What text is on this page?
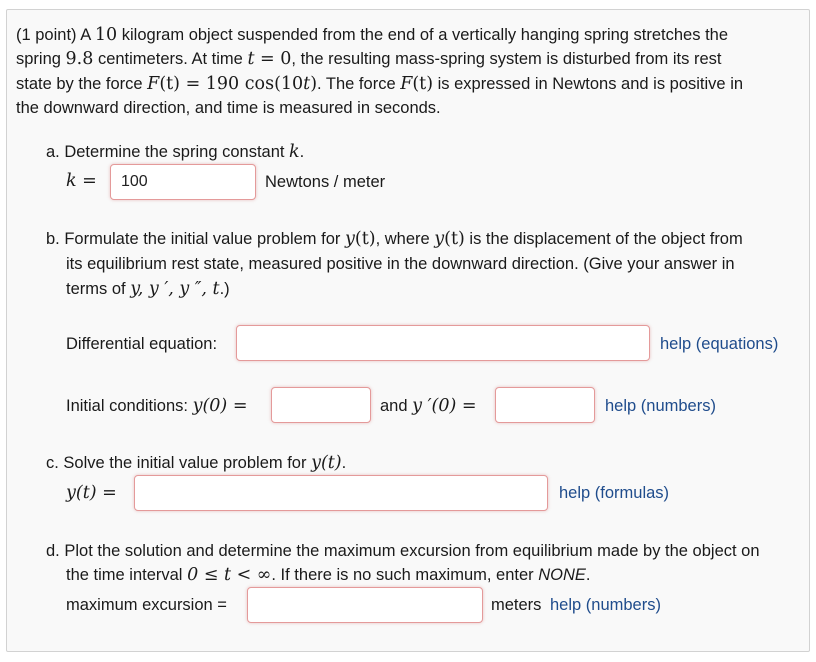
(1 point) A 10 kilogram object suspended from the end of a vertically hanging spring stretches the
spring 9.8 centimeters. At time t = 0, the resulting mass-spring system is disturbed from its rest
state by the force F(t) = 190 cos(10t). The force F(t) is expressed in Newtons and is positive in
the downward direction, and time is measured in seconds.
a. Determine the spring constant k.
k =
100	Newtons / meter
b. Formulate the initial value problem for y(t), where y(t) is the displacement of the object from
its equilibrium rest state, measured positive in the downward direction. (Give your answer in
terms of y, y ′, y ″, t.)
Differential equation:	help (equations)
Initial conditions: y(0) =	and y ′(0) =	help (numbers)
c. Solve the initial value problem for y(t).
y(t) =	help (formulas)
d. Plot the solution and determine the maximum excursion from equilibrium made by the object on
the time interval 0 ≤ t < ∞. If there is no such maximum, enter NONE.
maximum excursion =	meters help (numbers)
